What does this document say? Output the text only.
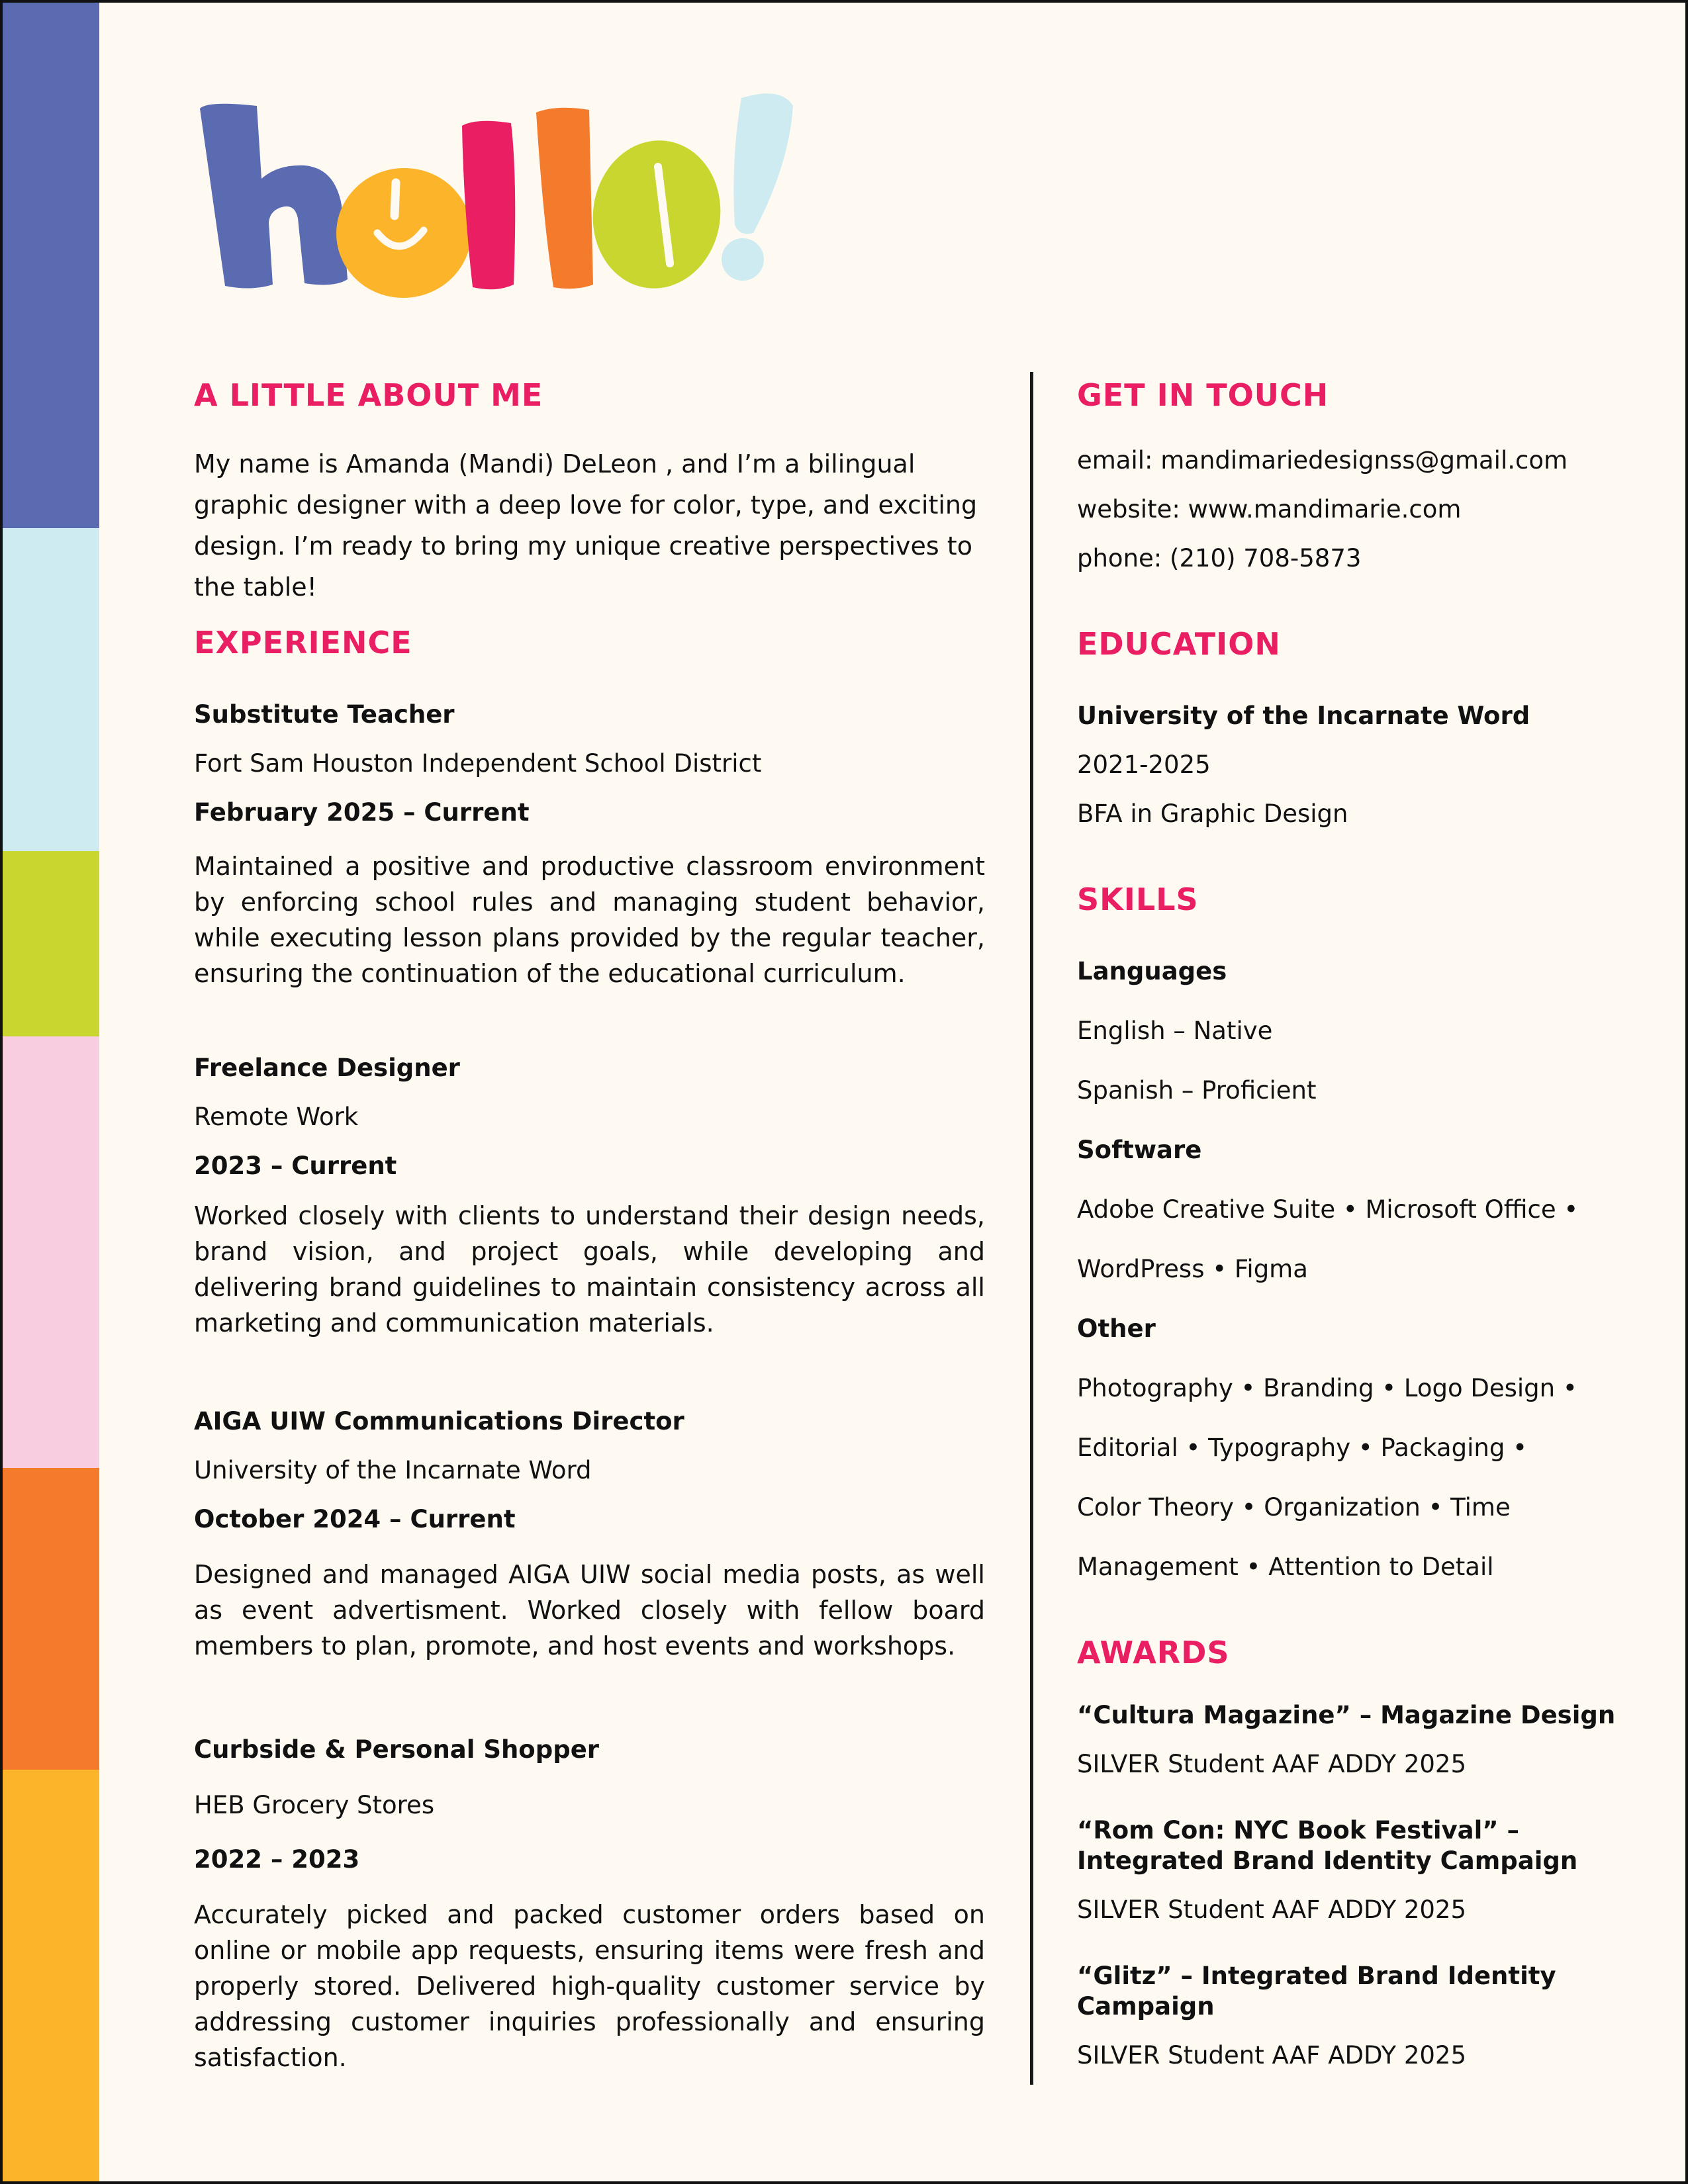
A LITTLE ABOUT ME

My name is Amanda (Mandi) DeLeon , and I’m a bilingual graphic designer with a deep love for color, type, and exciting design. I’m ready to bring my unique creative perspectives to the table!

EXPERIENCE

Substitute Teacher

Fort Sam Houston Independent School District

February 2025 – Current

Maintained a positive and productive classroom environment by enforcing school rules and managing student behavior, while executing lesson plans provided by the regular teacher, ensuring the continuation of the educational curriculum.

Freelance Designer

Remote Work

2023 – Current

Worked closely with clients to understand their design needs, brand vision, and project goals, while developing and delivering brand guidelines to maintain consistency across all marketing and communication materials.

AIGA UIW Communications Director

University of the Incarnate Word

October 2024 – Current

Designed and managed AIGA UIW social media posts, as well as event advertisment. Worked closely with fellow board members to plan, promote, and host events and workshops.

Curbside & Personal Shopper

HEB Grocery Stores

2022 – 2023

Accurately picked and packed customer orders based on online or mobile app requests, ensuring items were fresh and properly stored. Delivered high-quality customer service by addressing customer inquiries professionally and ensuring satisfaction.

GET IN TOUCH

email: mandimariedesignss@gmail.com

website: www.mandimarie.com

phone: (210) 708-5873

EDUCATION

University of the Incarnate Word

2021-2025

BFA in Graphic Design

SKILLS

Languages

English – Native

Spanish – Proficient

Software

Adobe Creative Suite • Microsoft Office •

WordPress • Figma

Other

Photography • Branding • Logo Design •

Editorial • Typography • Packaging •

Color Theory • Organization • Time

Management • Attention to Detail

AWARDS

“Cultura Magazine” – Magazine Design

SILVER Student AAF ADDY 2025

“Rom Con: NYC Book Festival” –

Integrated Brand Identity Campaign

SILVER Student AAF ADDY 2025

“Glitz” – Integrated Brand Identity

Campaign

SILVER Student AAF ADDY 2025
